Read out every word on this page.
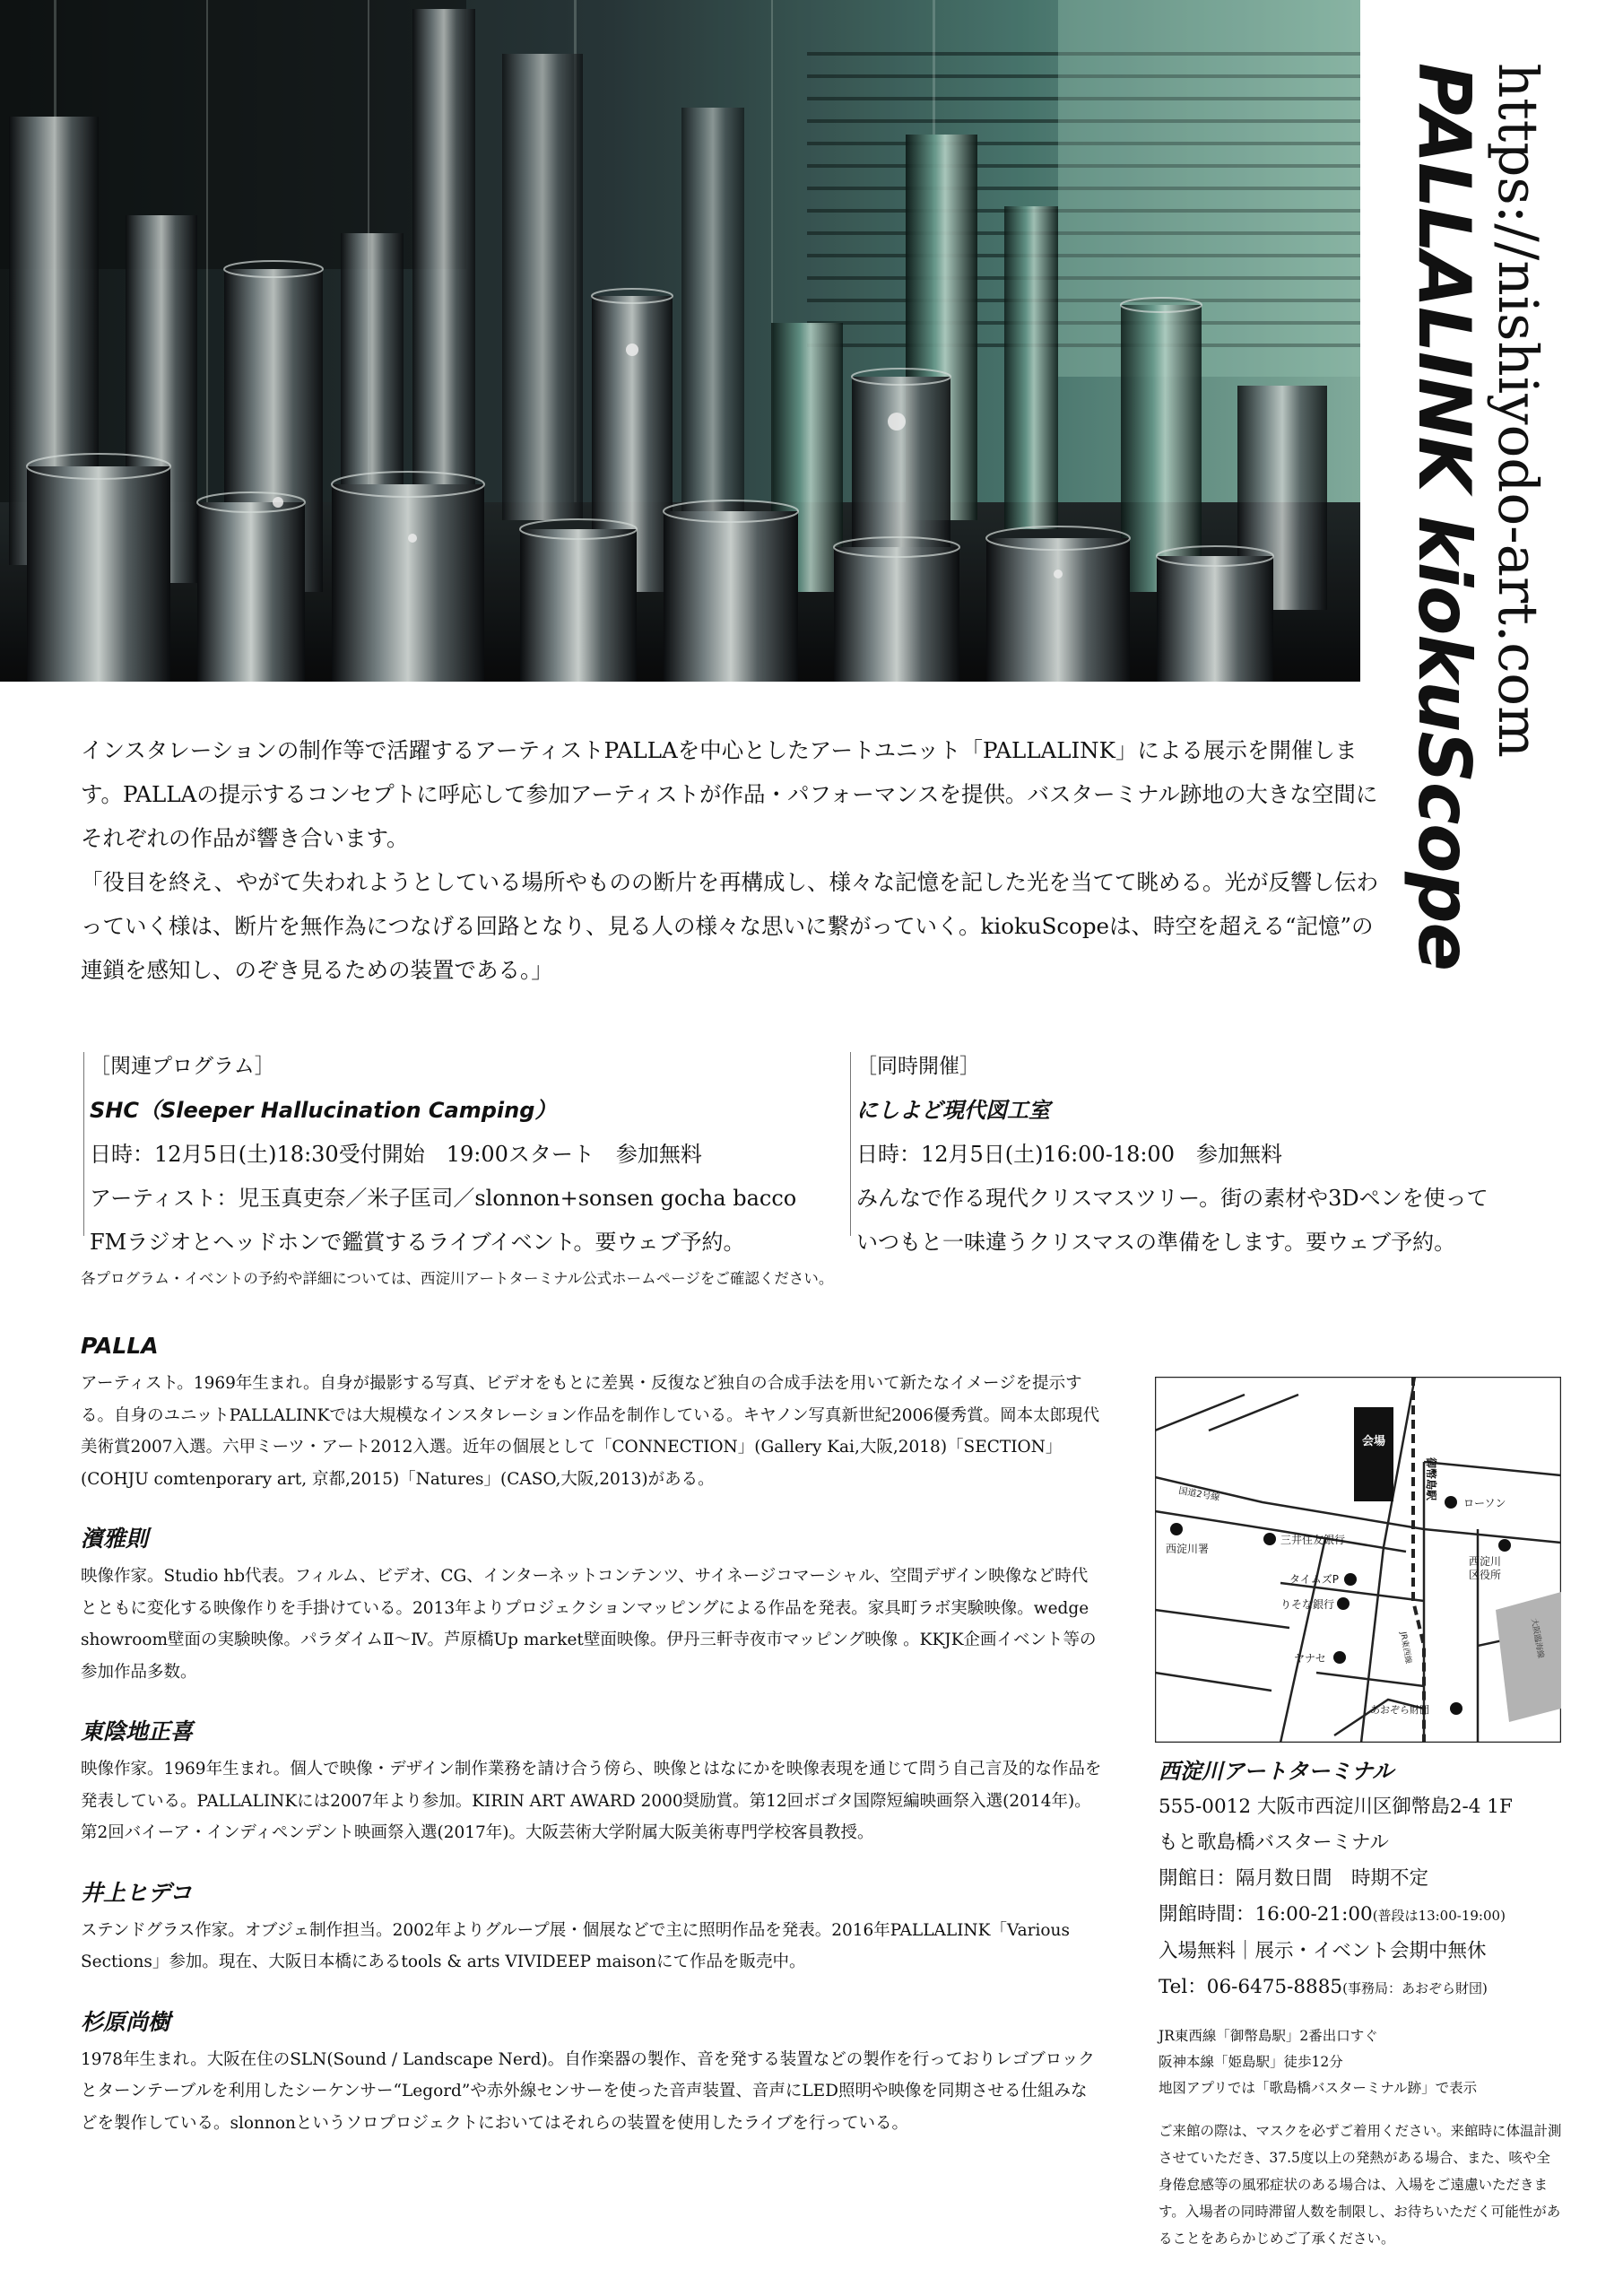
PALLALINK kiokuScope https://nishiyodo-art.com

インスタレーションの制作等で活躍するアーティストPALLAを中心としたアートユニット「PALLALINK」による展示を開催します。PALLAの提示するコンセプトに呼応して参加アーティストが作品・パフォーマンスを提供。バスターミナル跡地の大きな空間にそれぞれの作品が響き合います。

「役目を終え、やがて失われようとしている場所やものの断片を再構成し、様々な記憶を記した光を当てて眺める。光が反響し伝わっていく様は、断片を無作為につなげる回路となり、見る人の様々な思いに繋がっていく。kiokuScopeは、時空を超える“記憶”の連鎖を感知し、のぞき見るための装置である。」

［関連プログラム］
SHC（Sleeper Hallucination Camping）
日時：12月5日(土)18:30受付開始　19:00スタート　参加無料
アーティスト：児玉真吏奈／米子匡司／slonnon+sonsen gocha bacco
FMラジオとヘッドホンで鑑賞するライブイベント。要ウェブ予約。
［同時開催］
にしよど現代図工室
日時：12月5日(土)16:00-18:00　参加無料
みんなで作る現代クリスマスツリー。街の素材や3Dペンを使って
いつもと一味違うクリスマスの準備をします。要ウェブ予約。
各プログラム・イベントの予約や詳細については、西淀川アートターミナル公式ホームページをご確認ください。
PALLA

アーティスト。1969年生まれ。自身が撮影する写真、ビデオをもとに差異・反復など独自の合成手法を用いて新たなイメージを提示する。自身のユニットPALLALINKでは大規模なインスタレーション作品を制作している。キヤノン写真新世紀2006優秀賞。岡本太郎現代美術賞2007入選。六甲ミーツ・アート2012入選。近年の個展として「CONNECTION」(Gallery Kai,大阪,2018)「SECTION」(COHJU comtenporary art, 京都,2015)「Natures」(CASO,大阪,2013)がある。

濱雅則

映像作家。Studio hb代表。フィルム、ビデオ、CG、インターネットコンテンツ、サイネージコマーシャル、空間デザイン映像など時代とともに変化する映像作りを手掛けている。2013年よりプロジェクションマッピングによる作品を発表。家具町ラボ実験映像。wedge showroom壁面の実験映像。パラダイムⅡ～Ⅳ。芦原橋Up market壁面映像。伊丹三軒寺夜市マッピング映像 。KKJK企画イベント等の参加作品多数。

東陰地正喜

映像作家。1969年生まれ。個人で映像・デザイン制作業務を請け合う傍ら、映像とはなにかを映像表現を通じて問う自己言及的な作品を発表している。PALLALINKには2007年より参加。KIRIN ART AWARD 2000奨励賞。第12回ボゴタ国際短編映画祭入選(2014年)。第2回バイーア・インディペンデント映画祭入選(2017年)。大阪芸術大学附属大阪美術専門学校客員教授。

井上ヒデコ

ステンドグラス作家。オブジェ制作担当。2002年よりグループ展・個展などで主に照明作品を発表。2016年PALLALINK「Various Sections」参加。現在、大阪日本橋にあるtools & arts VIVIDEEP maisonにて作品を販売中。

杉原尚樹

1978年生まれ。大阪在住のSLN(Sound / Landscape Nerd)。自作楽器の製作、音を発する装置などの製作を行っておりレゴブロックとターンテーブルを利用したシーケンサー“Legord”や赤外線センサーを使った音声装置、音声にLED照明や映像を同期させる仕組みなどを製作している。slonnonというソロプロジェクトにおいてはそれらの装置を使用したライブを行っている。

会場
御幣島駅
国道2号線
西淀川署
三井住友銀行
タイムズP
りそな銀行
ヤナセ
あおぞら財団
ローソン
西淀川区役所
JR東西線	大阪臨海線
西淀川アートターミナル
555-0012 大阪市西淀川区御幣島2-4 1F
もと歌島橋バスターミナル
開館日：隔月数日間　時期不定
開館時間：16:00-21:00(普段は13:00-19:00)
入場無料｜展示・イベント会期中無休
Tel：06-6475-8885(事務局：あおぞら財団)
JR東西線「御幣島駅」2番出口すぐ
阪神本線「姫島駅」徒歩12分
地図アプリでは「歌島橋バスターミナル跡」で表示
ご来館の際は、マスクを必ずご着用ください。来館時に体温計測させていただき、37.5度以上の発熱がある場合、また、咳や全身倦怠感等の風邪症状のある場合は、入場をご遠慮いただきます。入場者の同時滞留人数を制限し、お待ちいただく可能性があることをあらかじめご了承ください。
